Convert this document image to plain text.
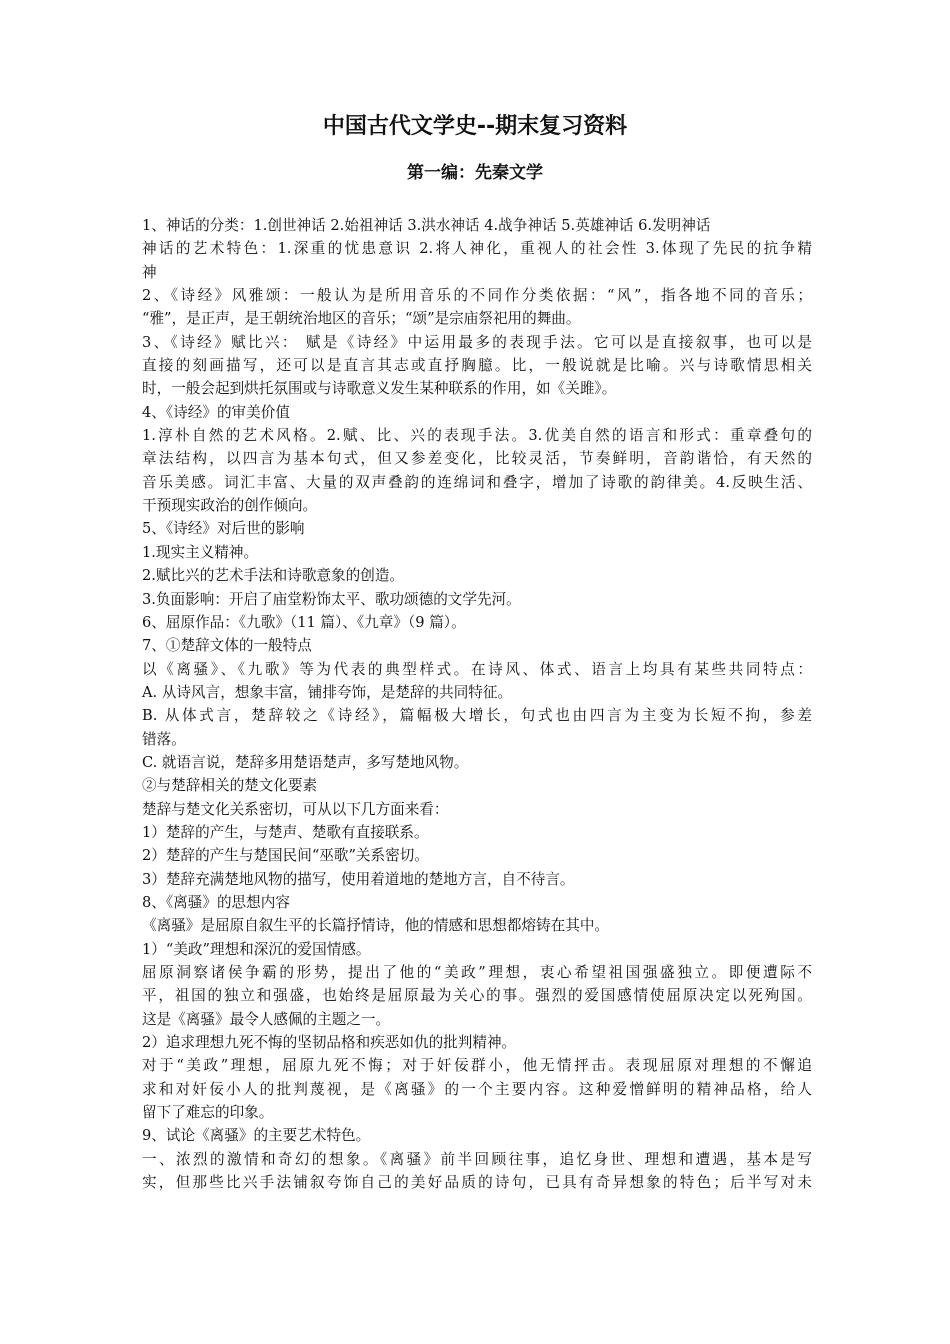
中国古代文学史--期末复习资料
第一编：先秦文学
1、神话的分类：1.创世神话 2.始祖神话 3.洪水神话 4.战争神话 5.英雄神话 6.发明神话
神话的艺术特色：1.深重的忧患意识 2.将人神化，重视人的社会性 3.体现了先民的抗争精
神
2、《诗经》风雅颂：一般认为是所用音乐的不同作分类依据：“风”，指各地不同的音乐；
“雅”，是正声，是王朝统治地区的音乐；“颂”是宗庙祭祀用的舞曲。
3、《诗经》赋比兴： 赋是《诗经》中运用最多的表现手法。它可以是直接叙事，也可以是
直接的刻画描写，还可以是直言其志或直抒胸臆。比，一般说就是比喻。兴与诗歌情思相关
时，一般会起到烘托氛围或与诗歌意义发生某种联系的作用，如《关雎》。
4、《诗经》的审美价值
1.淳朴自然的艺术风格。2.赋、比、兴的表现手法。3.优美自然的语言和形式：重章叠句的
章法结构，以四言为基本句式，但又参差变化，比较灵活，节奏鲜明，音韵谐恰，有天然的
音乐美感。词汇丰富、大量的双声叠韵的连绵词和叠字，增加了诗歌的韵律美。4.反映生活、
干预现实政治的创作倾向。
5、《诗经》对后世的影响
1.现实主义精神。
2.赋比兴的艺术手法和诗歌意象的创造。
3.负面影响：开启了庙堂粉饰太平、歌功颂德的文学先河。
6、屈原作品：《九歌》（11 篇）、《九章》（9 篇）。
7、①楚辞文体的一般特点
以《离骚》、《九歌》等为代表的典型样式。在诗风、体式、语言上均具有某些共同特点：
A. 从诗风言，想象丰富，铺排夸饰，是楚辞的共同特征。
B. 从体式言，楚辞较之《诗经》，篇幅极大增长，句式也由四言为主变为长短不拘，参差
错落。
C. 就语言说，楚辞多用楚语楚声，多写楚地风物。
②与楚辞相关的楚文化要素
楚辞与楚文化关系密切，可从以下几方面来看：
1）楚辞的产生，与楚声、楚歌有直接联系。
2）楚辞的产生与楚国民间“巫歌”关系密切。
3）楚辞充满楚地风物的描写，使用着道地的楚地方言，自不待言。
8、《离骚》的思想内容
《离骚》是屈原自叙生平的长篇抒情诗，他的情感和思想都熔铸在其中。
1）“美政”理想和深沉的爱国情感。
屈原洞察诸侯争霸的形势，提出了他的“美政”理想，衷心希望祖国强盛独立。即便遭际不
平，祖国的独立和强盛，也始终是屈原最为关心的事。强烈的爱国感情使屈原决定以死殉国。
这是《离骚》最令人感佩的主题之一。
2）追求理想九死不悔的坚韧品格和疾恶如仇的批判精神。
对于“美政”理想，屈原九死不悔；对于奸佞群小，他无情抨击。表现屈原对理想的不懈追
求和对奸佞小人的批判蔑视，是《离骚》的一个主要内容。这种爱憎鲜明的精神品格，给人
留下了难忘的印象。
9、试论《离骚》的主要艺术特色。
一、浓烈的激情和奇幻的想象。《离骚》前半回顾往事，追忆身世、理想和遭遇，基本是写
实，但那些比兴手法铺叙夸饰自己的美好品质的诗句，已具有奇异想象的特色；后半写对未
